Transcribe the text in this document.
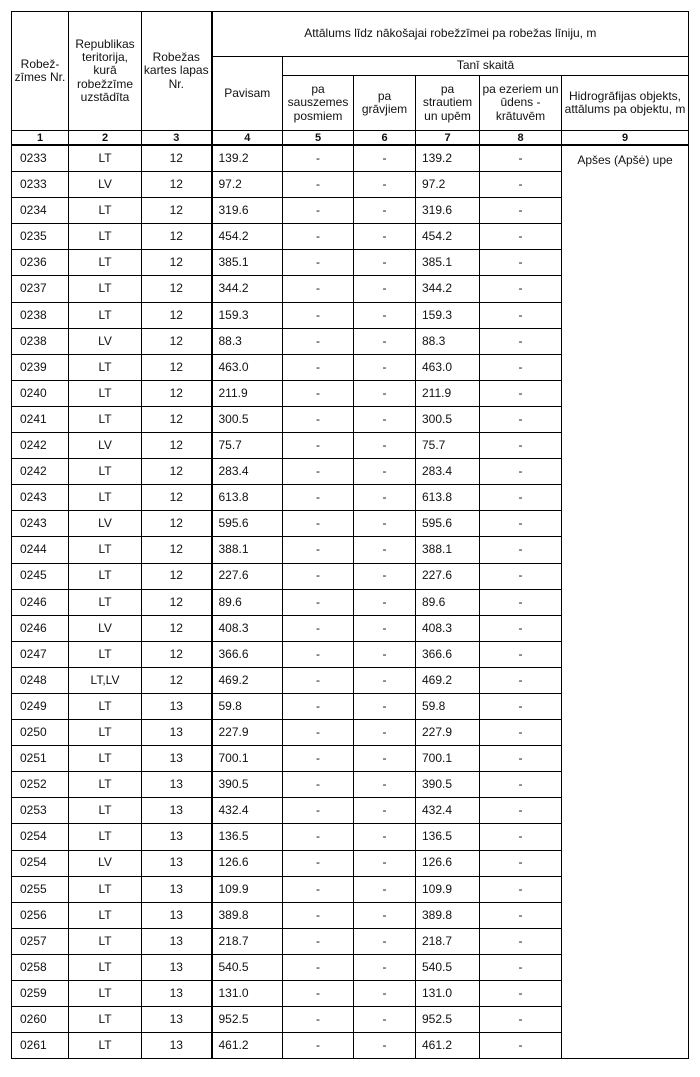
Robež-zīmes Nr.	Republikas teritorija, kurā robežzīme uzstādīta	Robežas kartes lapas Nr.	Attālums līdz nākošajai robežzīmei pa robežas līniju, m					
			Pavisam	Tanī skaitā				
				pa sauszemes posmiem	pa grāvjiem	pa strautiem un upēm	pa ezeriem un ūdens - krātuvēm	Hidrogrāfijas objekts, attālums pa objektu, m
1	2	3	4	5	6	7	8	9
0233	LT	12	139.2	-	-	139.2	-	Apšes (Apšė) upe
0233	LV	12	97.2	-	-	97.2	-	
0234	LT	12	319.6	-	-	319.6	-	
0235	LT	12	454.2	-	-	454.2	-	
0236	LT	12	385.1	-	-	385.1	-	
0237	LT	12	344.2	-	-	344.2	-	
0238	LT	12	159.3	-	-	159.3	-	
0238	LV	12	88.3	-	-	88.3	-	
0239	LT	12	463.0	-	-	463.0	-	
0240	LT	12	211.9	-	-	211.9	-	
0241	LT	12	300.5	-	-	300.5	-	
0242	LV	12	75.7	-	-	75.7	-	
0242	LT	12	283.4	-	-	283.4	-	
0243	LT	12	613.8	-	-	613.8	-	
0243	LV	12	595.6	-	-	595.6	-	
0244	LT	12	388.1	-	-	388.1	-	
0245	LT	12	227.6	-	-	227.6	-	
0246	LT	12	89.6	-	-	89.6	-	
0246	LV	12	408.3	-	-	408.3	-	
0247	LT	12	366.6	-	-	366.6	-	
0248	LT,LV	12	469.2	-	-	469.2	-	
0249	LT	13	59.8	-	-	59.8	-	
0250	LT	13	227.9	-	-	227.9	-	
0251	LT	13	700.1	-	-	700.1	-	
0252	LT	13	390.5	-	-	390.5	-	
0253	LT	13	432.4	-	-	432.4	-	
0254	LT	13	136.5	-	-	136.5	-	
0254	LV	13	126.6	-	-	126.6	-	
0255	LT	13	109.9	-	-	109.9	-	
0256	LT	13	389.8	-	-	389.8	-	
0257	LT	13	218.7	-	-	218.7	-	
0258	LT	13	540.5	-	-	540.5	-	
0259	LT	13	131.0	-	-	131.0	-	
0260	LT	13	952.5	-	-	952.5	-	
0261	LT	13	461.2	-	-	461.2	-	
